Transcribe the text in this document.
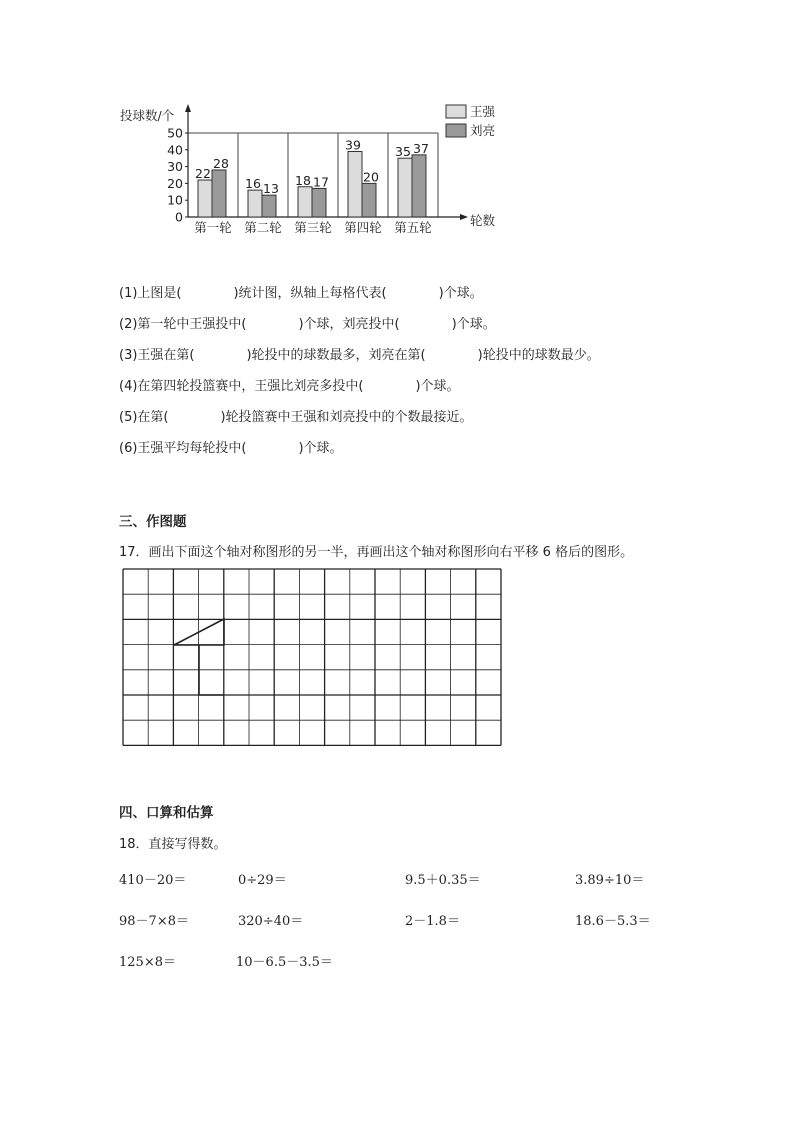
50
40
30
20
10
0
投球数/个
轮数
22
28
第一轮
16 13
第二轮
18 17
第三轮
39
20
第四轮
35 37
第五轮
王强
刘亮
(1)上图是(　　　　)统计图，纵轴上每格代表(　　　　)个球。
(2)第一轮中王强投中(　　　　)个球，刘亮投中(　　　　)个球。
(3)王强在第(　　　　)轮投中的球数最多，刘亮在第(　　　　)轮投中的球数最少。
(4)在第四轮投篮赛中，王强比刘亮多投中(　　　　)个球。
(5)在第(　　　　)轮投篮赛中王强和刘亮投中的个数最接近。
(6)王强平均每轮投中(　　　　)个球。
三、作图题
17．画出下面这个轴对称图形的另一半，再画出这个轴对称图形向右平移 6 格后的图形。
四、口算和估算
18．直接写得数。
410－20＝	0÷29＝	9.5＋0.35＝	3.89÷10＝
98－7×8＝	320÷40＝	2－1.8＝	18.6－5.3＝
125×8＝	10－6.5－3.5＝
